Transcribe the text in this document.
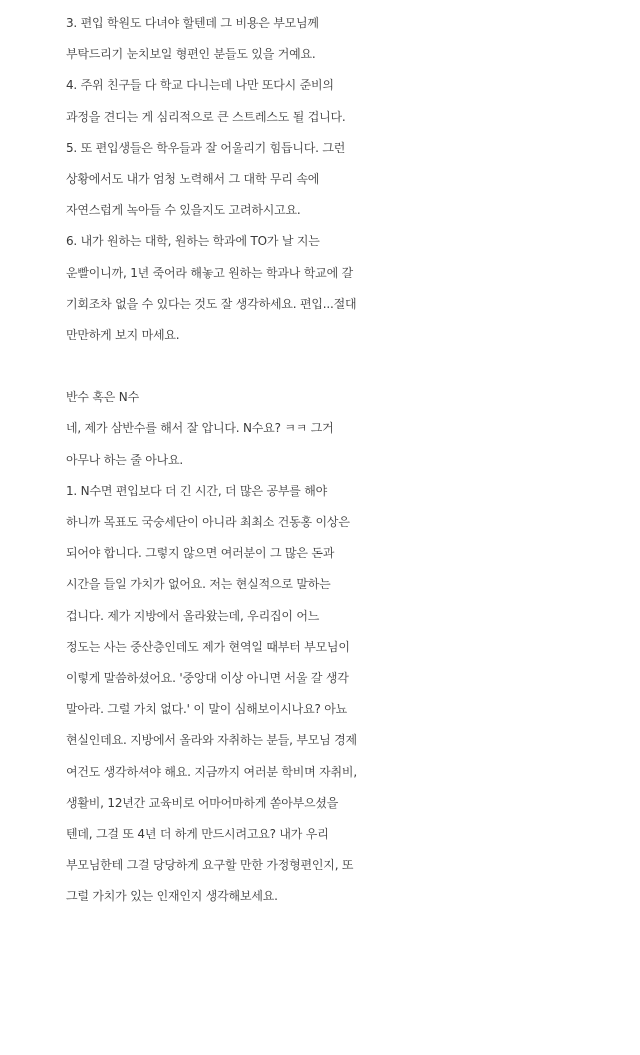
3. 편입 학원도 다녀야 할텐데 그 비용은 부모님께
부탁드리기 눈치보일 형편인 분들도 있을 거예요.
4. 주위 친구들 다 학교 다니는데 나만 또다시 준비의
과정을 견디는 게 심리적으로 큰 스트레스도 될 겁니다.
5. 또 편입생들은 학우들과 잘 어울리기 힘듭니다. 그런
상황에서도 내가 엄청 노력해서 그 대학 무리 속에
자연스럽게 녹아들 수 있을지도 고려하시고요.
6. 내가 원하는 대학, 원하는 학과에 TO가 날 지는
운빨이니까, 1년 죽어라 해놓고 원하는 학과나 학교에 갈
기회조차 없을 수 있다는 것도 잘 생각하세요. 편입...절대
만만하게 보지 마세요.
반수 혹은 N수
네, 제가 삼반수를 해서 잘 압니다. N수요? ㅋㅋ 그거
아무나 하는 줄 아나요.
1. N수면 편입보다 더 긴 시간, 더 많은 공부를 해야
하니까 목표도 국숭세단이 아니라 최최소 건동홍 이상은
되어야 합니다. 그렇지 않으면 여러분이 그 많은 돈과
시간을 들일 가치가 없어요. 저는 현실적으로 말하는
겁니다. 제가 지방에서 올라왔는데, 우리집이 어느
정도는 사는 중산층인데도 제가 현역일 때부터 부모님이
이렇게 말씀하셨어요. '중앙대 이상 아니면 서울 갈 생각
말아라. 그럴 가치 없다.' 이 말이 심해보이시나요? 아뇨
현실인데요. 지방에서 올라와 자취하는 분들, 부모님 경제
여건도 생각하셔야 해요. 지금까지 여러분 학비며 자취비,
생활비, 12년간 교육비로 어마어마하게 쏟아부으셨을
텐데, 그걸 또 4년 더 하게 만드시려고요? 내가 우리
부모님한테 그걸 당당하게 요구할 만한 가정형편인지, 또
그럴 가치가 있는 인재인지 생각해보세요.
